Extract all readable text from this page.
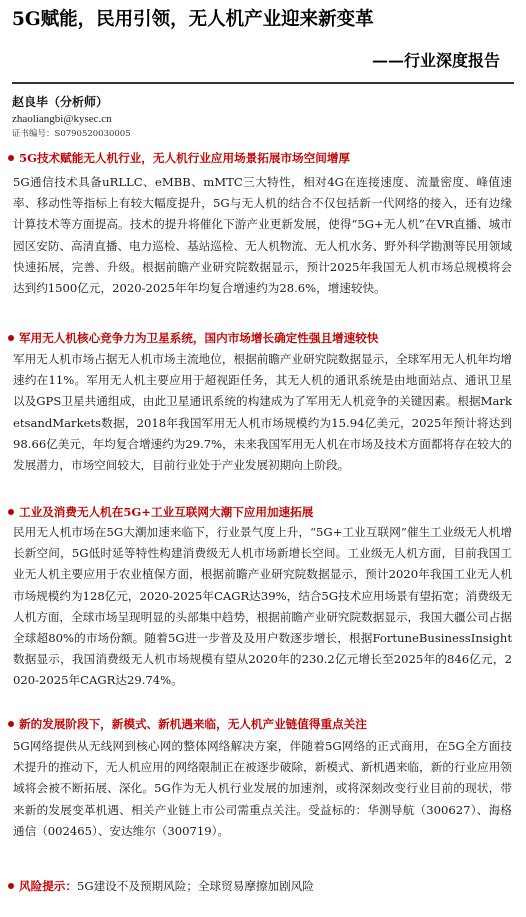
5G赋能，民用引领，无人机产业迎来新变革
——行业深度报告
赵良毕（分析师）
zhaoliangbi@kysec.cn
证书编号：S0790520030005
5G技术赋能无人机行业，无人机行业应用场景拓展市场空间增厚
5G通信技术具备uRLLC、eMBB、mMTC三大特性，相对4G在连接速度、流量密度、峰值速率、移动性等指标上有较大幅度提升，5G与无人机的结合不仅包括新一代网络的接入，还有边缘计算技术等方面提高。技术的提升将催化下游产业更新发展，使得“5G+无人机”在VR直播、城市园区安防、高清直播、电力巡检、基站巡检、无人机物流、无人机水务、野外科学勘测等民用领域快速拓展，完善、升级。根据前瞻产业研究院数据显示，预计2025年我国无人机市场总规模将会达到约1500亿元，2020-2025年年均复合增速约为28.6%，增速较快。
军用无人机核心竞争力为卫星系统，国内市场增长确定性强且增速较快
军用无人机市场占据无人机市场主流地位，根据前瞻产业研究院数据显示，全球军用无人机年均增速约在11%。军用无人机主要应用于超视距任务，其无人机的通讯系统是由地面站点、通讯卫星以及GPS卫星共通组成，由此卫星通讯系统的构建成为了军用无人机竞争的关键因素。根据MarketsandMarkets数据，2018年我国军用无人机市场规模约为15.94亿美元，2025年预计将达到98.66亿美元，年均复合增速约为29.7%，未来我国军用无人机在市场及技术方面都将存在较大的发展潜力，市场空间较大，目前行业处于产业发展初期向上阶段。
工业及消费无人机在5G+工业互联网大潮下应用加速拓展
民用无人机市场在5G大潮加速来临下，行业景气度上升，“5G+工业互联网”催生工业级无人机增长新空间，5G低时延等特性构建消费级无人机市场新增长空间。工业级无人机方面，目前我国工业无人机主要应用于农业植保方面，根据前瞻产业研究院数据显示，预计2020年我国工业无人机市场规模约为128亿元，2020-2025年CAGR达39%，结合5G技术应用场景有望拓宽；消费级无人机方面，全球市场呈现明显的头部集中趋势，根据前瞻产业研究院数据显示，我国大疆公司占据全球超80%的市场份额。随着5G进一步普及及用户数逐步增长，根据FortuneBusinessInsight数据显示，我国消费级无人机市场规模有望从2020年的230.2亿元增长至2025年的846亿元，2020-2025年CAGR达29.74%。
新的发展阶段下，新模式、新机遇来临，无人机产业链值得重点关注
5G网络提供从无线网到核心网的整体网络解决方案，伴随着5G网络的正式商用，在5G全方面技术提升的推动下，无人机应用的网络限制正在被逐步破除，新模式、新机遇来临，新的行业应用领域将会被不断拓展、深化。5G作为无人机行业发展的加速剂，或将深刻改变行业目前的现状，带来新的发展变革机遇、相关产业链上市公司需重点关注。受益标的：华测导航（300627）、海格通信（002465）、安达维尔（300719）。
风险提示：5G建设不及预期风险；全球贸易摩擦加剧风险
